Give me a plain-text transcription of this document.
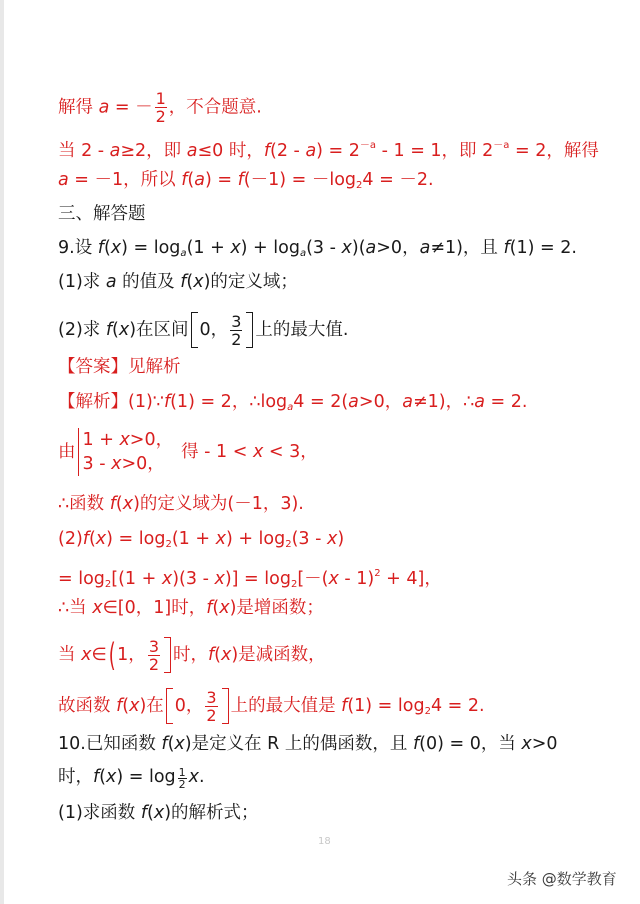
解得 a = － $\frac{1}{2}$ ，不合题意.
当 2 - a≥2，即 a≤0 时，$f(2 - a) = 2^{-a} - 1 = 1$，即 $2^{-a} = 2$，解得
a = －1，所以 $f(a) = f(-1) = -\log_24 = -2$.
三、解答题
9.设 $f(x) = \log_a(1 + x) + \log_a(3 - x)(a>0$，a≠1)，且 f(1) = 2.
(1)求 a 的值及 f(x)的定义域；
(2)求 f(x)在区间 0， $\frac{3}{2}$ 上的最大值.
【答案】见解析
【解析】(1)∵f(1) = 2，$\therefore\log_a4 = 2(a>0$，a≠1)，∴a = 2.
由
1 + x>0，
3 - x>0，
得 - 1 < x < 3，
∴函数 f(x)的定义域为(－1，3).
$(2)f(x) = \log_2(1 + x) + \log_2(3 - x)$
= $\log_2[(1 + x)(3 - x)] = \log_2[-(x - 1)^2 + 4]$，
∴当 x∈[0，1]时，f(x)是增函数；
当 x∈( 1， $\frac{3}{2}$ 时，f(x)是减函数，
故函数 f(x)在 0， $\frac{3}{2}$ 上的最大值是 $f(1) = \log_24 = 2$.
10.已知函数 f(x)是定义在 R 上的偶函数，且 f(0) = 0，当 x>0
时，$f(x) = \log \frac{1}{2} x$.
(1)求函数 f(x)的解析式；
18
头条 @数学教育
